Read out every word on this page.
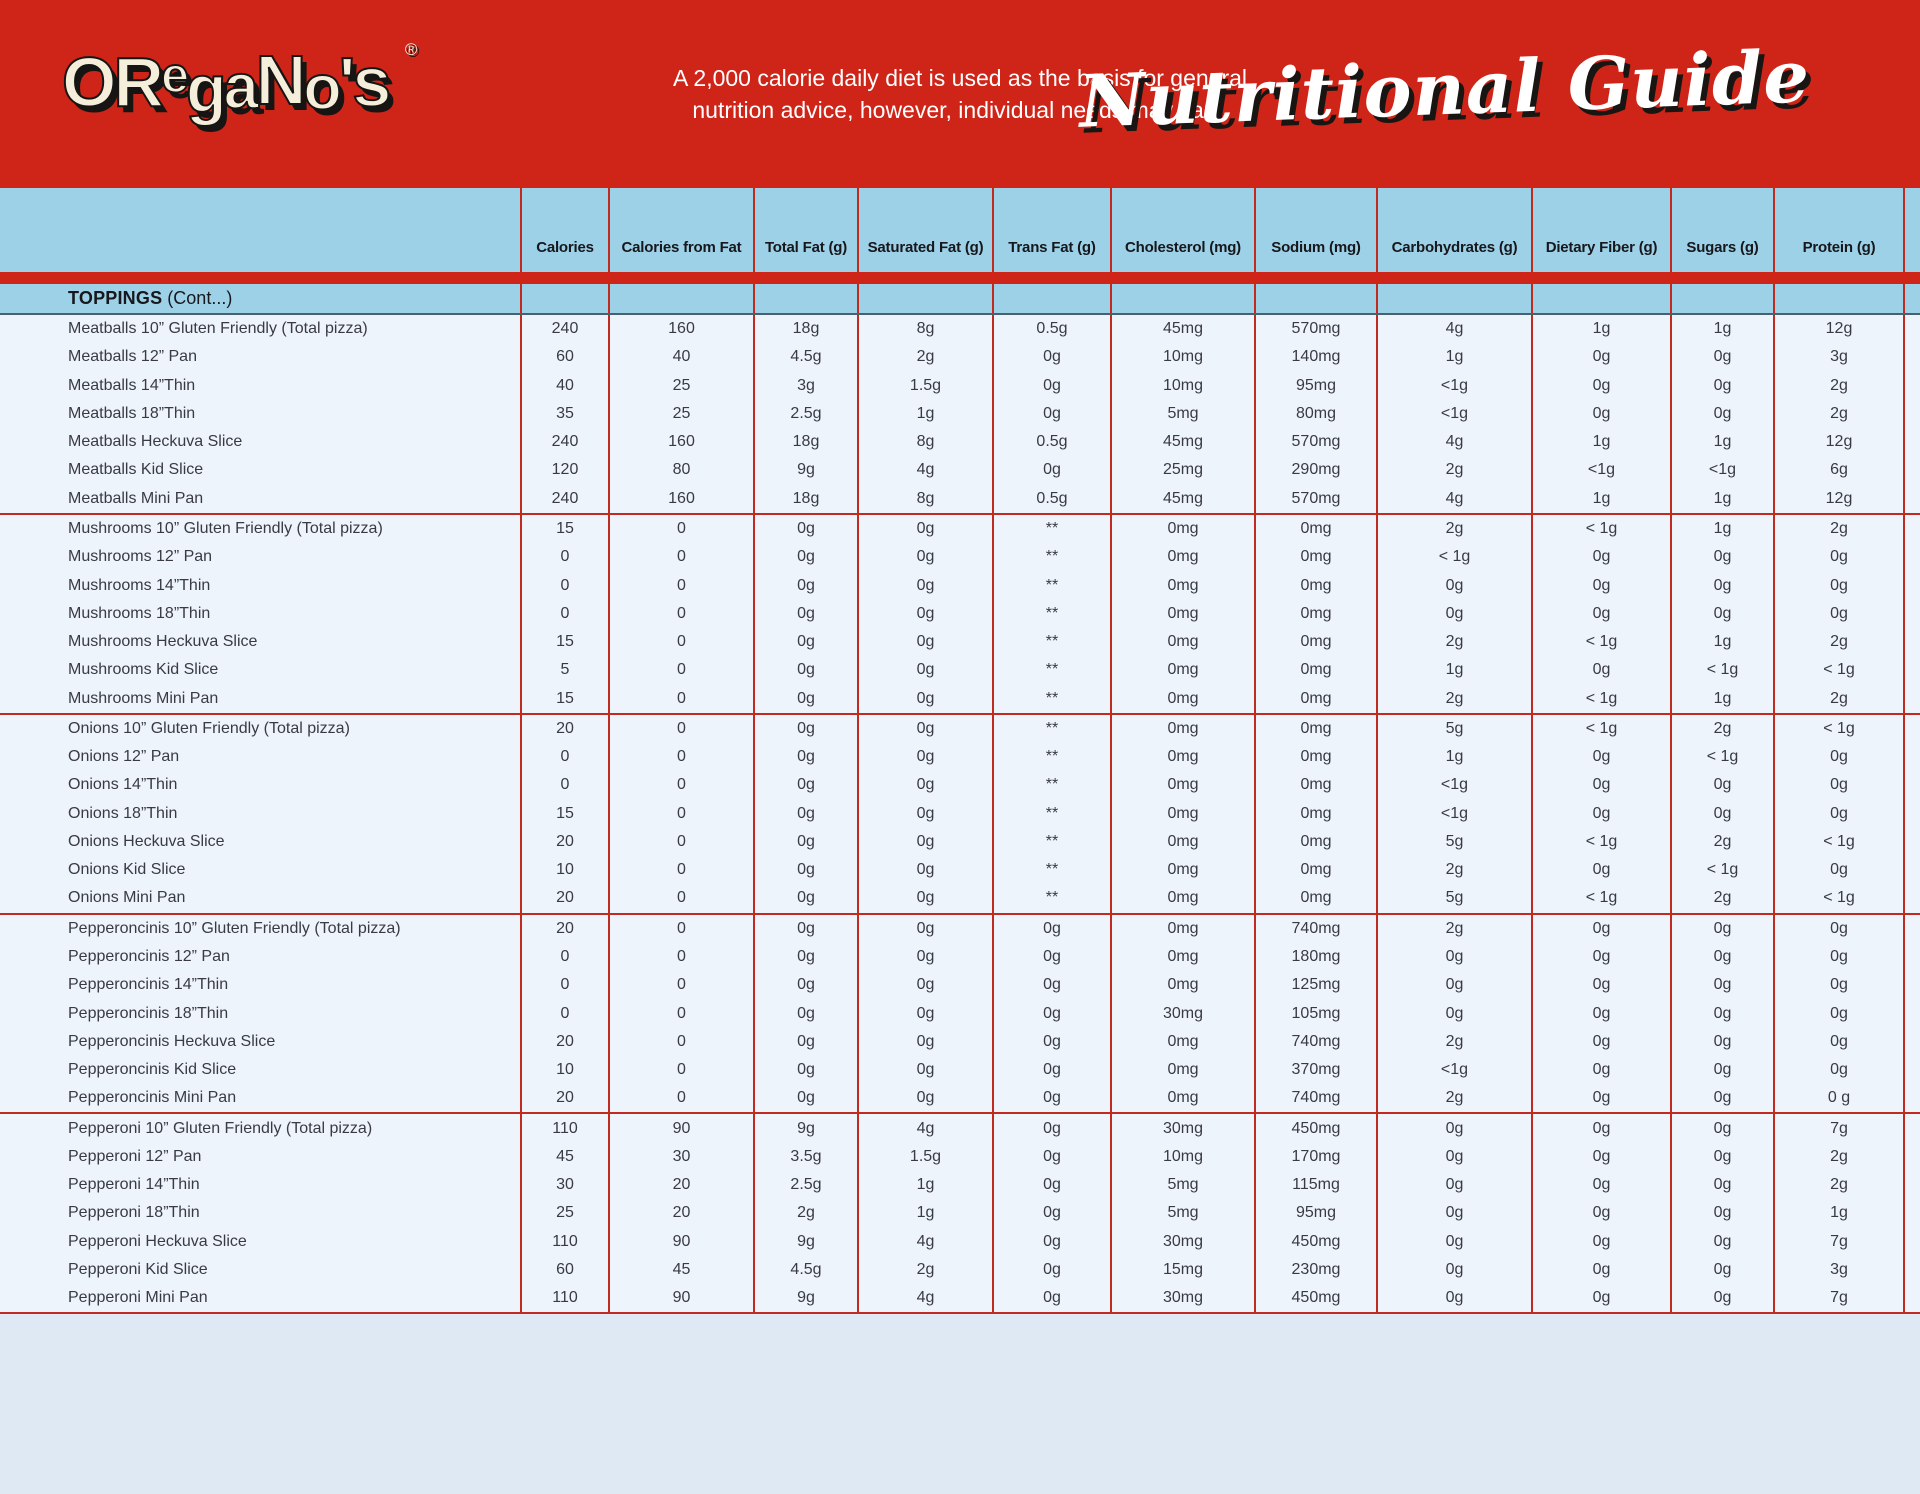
ORegaNo's ®
A 2,000 calorie daily diet is used as the basis for general nutrition advice, however, individual needs may vary.
Nutritional Guide
Calories	Calories from Fat	Total Fat (g)	Saturated Fat (g)	Trans Fat (g)	Cholesterol (mg)	Sodium (mg)	Carbohydrates (g)	Dietary Fiber (g)	Sugars (g)	Protein (g)
TOPPINGS (Cont...)
Meatballs 10” Gluten Friendly (Total pizza)	240	160	18g	8g	0.5g	45mg	570mg	4g	1g	1g	12g
Meatballs 12” Pan	60	40	4.5g	2g	0g	10mg	140mg	1g	0g	0g	3g
Meatballs 14”Thin	40	25	3g	1.5g	0g	10mg	95mg	<1g	0g	0g	2g
Meatballs 18”Thin	35	25	2.5g	1g	0g	5mg	80mg	<1g	0g	0g	2g
Meatballs Heckuva Slice	240	160	18g	8g	0.5g	45mg	570mg	4g	1g	1g	12g
Meatballs Kid Slice	120	80	9g	4g	0g	25mg	290mg	2g	<1g	<1g	6g
Meatballs Mini Pan	240	160	18g	8g	0.5g	45mg	570mg	4g	1g	1g	12g
Mushrooms 10” Gluten Friendly (Total pizza)	15	0	0g	0g	**	0mg	0mg	2g	< 1g	1g	2g
Mushrooms 12” Pan	0	0	0g	0g	**	0mg	0mg	< 1g	0g	0g	0g
Mushrooms 14”Thin	0	0	0g	0g	**	0mg	0mg	0g	0g	0g	0g
Mushrooms 18”Thin	0	0	0g	0g	**	0mg	0mg	0g	0g	0g	0g
Mushrooms Heckuva Slice	15	0	0g	0g	**	0mg	0mg	2g	< 1g	1g	2g
Mushrooms Kid Slice	5	0	0g	0g	**	0mg	0mg	1g	0g	< 1g	< 1g
Mushrooms Mini Pan	15	0	0g	0g	**	0mg	0mg	2g	< 1g	1g	2g
Onions 10” Gluten Friendly (Total pizza)	20	0	0g	0g	**	0mg	0mg	5g	< 1g	2g	< 1g
Onions 12” Pan	0	0	0g	0g	**	0mg	0mg	1g	0g	< 1g	0g
Onions 14”Thin	0	0	0g	0g	**	0mg	0mg	<1g	0g	0g	0g
Onions 18”Thin	15	0	0g	0g	**	0mg	0mg	<1g	0g	0g	0g
Onions Heckuva Slice	20	0	0g	0g	**	0mg	0mg	5g	< 1g	2g	< 1g
Onions Kid Slice	10	0	0g	0g	**	0mg	0mg	2g	0g	< 1g	0g
Onions Mini Pan	20	0	0g	0g	**	0mg	0mg	5g	< 1g	2g	< 1g
Pepperoncinis 10” Gluten Friendly (Total pizza)	20	0	0g	0g	0g	0mg	740mg	2g	0g	0g	0g
Pepperoncinis 12” Pan	0	0	0g	0g	0g	0mg	180mg	0g	0g	0g	0g
Pepperoncinis 14”Thin	0	0	0g	0g	0g	0mg	125mg	0g	0g	0g	0g
Pepperoncinis 18”Thin	0	0	0g	0g	0g	30mg	105mg	0g	0g	0g	0g
Pepperoncinis Heckuva Slice	20	0	0g	0g	0g	0mg	740mg	2g	0g	0g	0g
Pepperoncinis Kid Slice	10	0	0g	0g	0g	0mg	370mg	<1g	0g	0g	0g
Pepperoncinis Mini Pan	20	0	0g	0g	0g	0mg	740mg	2g	0g	0g	0 g
Pepperoni 10” Gluten Friendly (Total pizza)	110	90	9g	4g	0g	30mg	450mg	0g	0g	0g	7g
Pepperoni 12” Pan	45	30	3.5g	1.5g	0g	10mg	170mg	0g	0g	0g	2g
Pepperoni 14”Thin	30	20	2.5g	1g	0g	5mg	115mg	0g	0g	0g	2g
Pepperoni 18”Thin	25	20	2g	1g	0g	5mg	95mg	0g	0g	0g	1g
Pepperoni Heckuva Slice	110	90	9g	4g	0g	30mg	450mg	0g	0g	0g	7g
Pepperoni Kid Slice	60	45	4.5g	2g	0g	15mg	230mg	0g	0g	0g	3g
Pepperoni Mini Pan	110	90	9g	4g	0g	30mg	450mg	0g	0g	0g	7g
